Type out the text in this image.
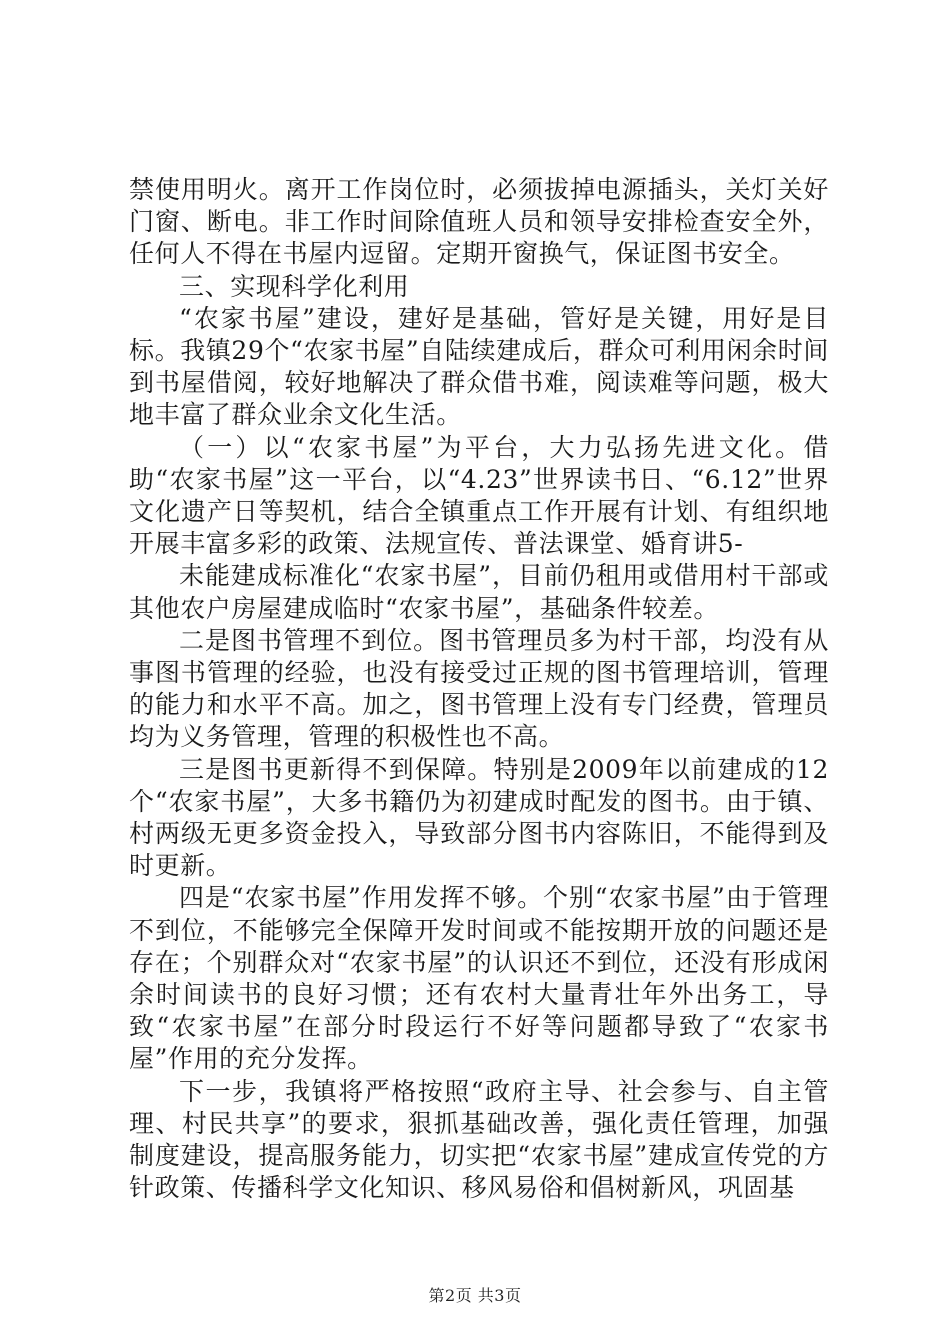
禁使用明火。离开工作岗位时，必须拔掉电源插头，关灯关好门窗、断电。非工作时间除值班人员和领导安排检查安全外，任何人不得在书屋内逗留。定期开窗换气，保证图书安全。

三、实现科学化利用

“农家书屋”建设，建好是基础，管好是关键，用好是目标。我镇29个“农家书屋”自陆续建成后，群众可利用闲余时间到书屋借阅，较好地解决了群众借书难，阅读难等问题，极大地丰富了群众业余文化生活。

（一）以“农家书屋”为平台，大力弘扬先进文化。借助“农家书屋”这一平台，以“4.23”世界读书日、“6.12”世界文化遗产日等契机，结合全镇重点工作开展有计划、有组织地开展丰富多彩的政策、法规宣传、普法课堂、婚育讲5-

未能建成标准化“农家书屋”，目前仍租用或借用村干部或其他农户房屋建成临时“农家书屋”，基础条件较差。

二是图书管理不到位。图书管理员多为村干部，均没有从事图书管理的经验，也没有接受过正规的图书管理培训，管理的能力和水平不高。加之，图书管理上没有专门经费，管理员均为义务管理，管理的积极性也不高。

三是图书更新得不到保障。特别是2009年以前建成的12个“农家书屋”，大多书籍仍为初建成时配发的图书。由于镇、村两级无更多资金投入，导致部分图书内容陈旧，不能得到及时更新。

四是“农家书屋”作用发挥不够。个别“农家书屋”由于管理不到位，不能够完全保障开发时间或不能按期开放的问题还是存在；个别群众对“农家书屋”的认识还不到位，还没有形成闲余时间读书的良好习惯；还有农村大量青壮年外出务工，导致“农家书屋”在部分时段运行不好等问题都导致了“农家书屋”作用的充分发挥。

下一步，我镇将严格按照“政府主导、社会参与、自主管理、村民共享”的要求，狠抓基础改善，强化责任管理，加强制度建设，提高服务能力，切实把“农家书屋”建成宣传党的方针政策、传播科学文化知识、移风易俗和倡树新风，巩固基

第2页 共3页
